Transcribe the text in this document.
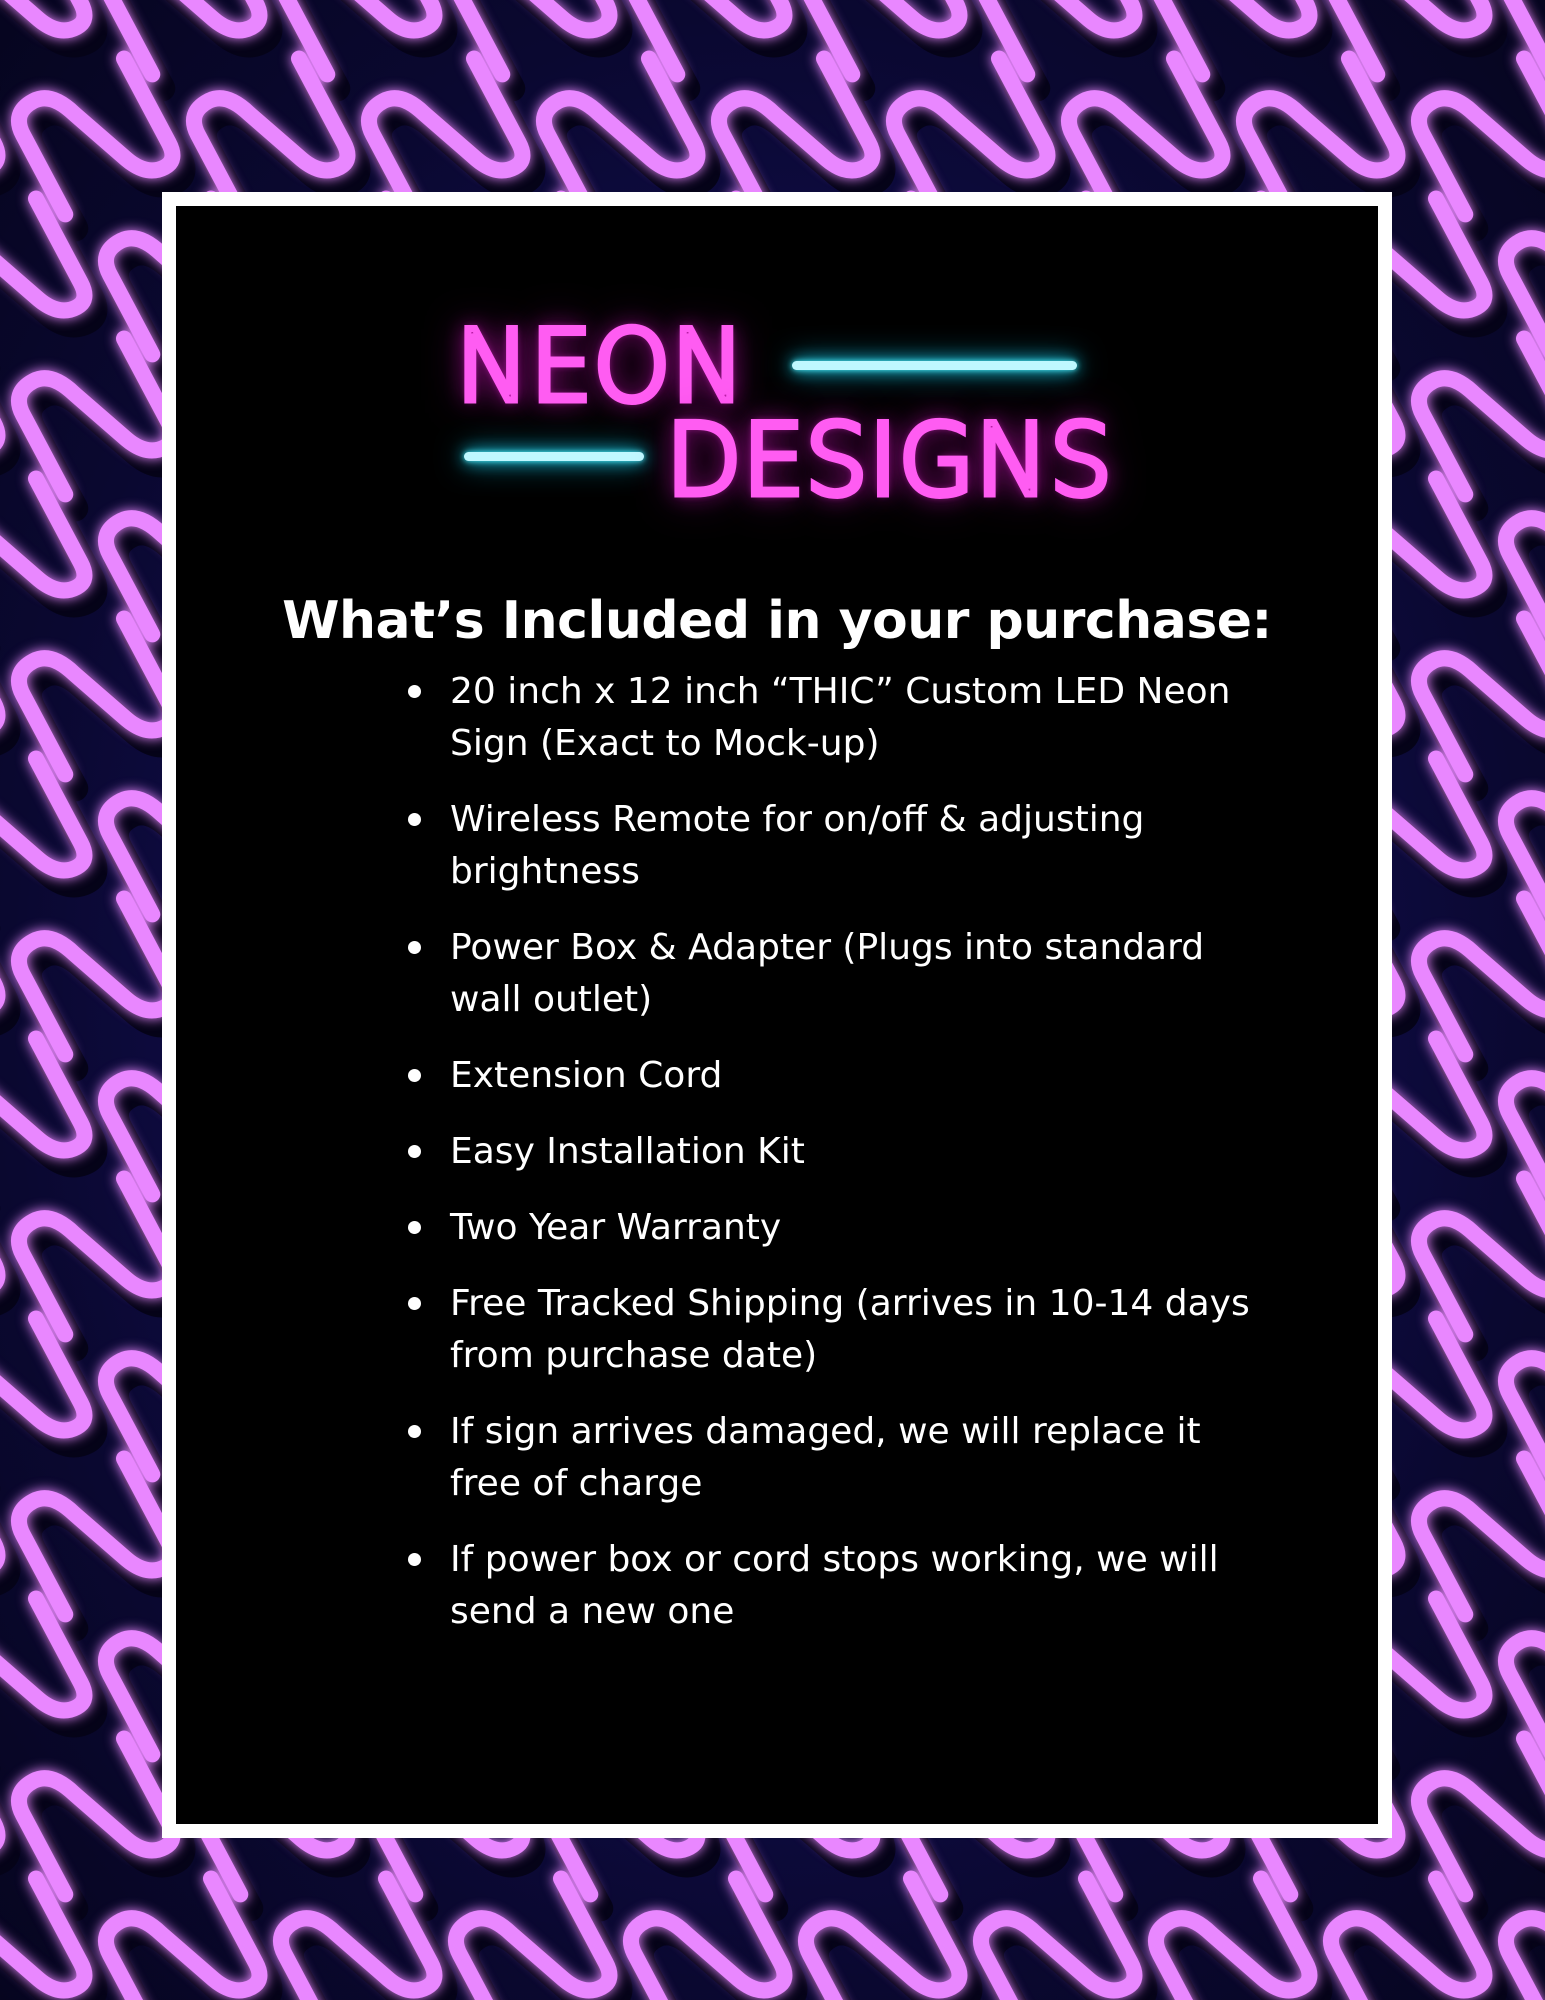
NEON

DESIGNS

What’s Included in your purchase:
20 inch x 12 inch “THIC” Custom LED Neon Sign (Exact to Mock-up)
Wireless Remote for on/off & adjusting brightness
Power Box & Adapter (Plugs into standard wall outlet)
Extension Cord
Easy Installation Kit
Two Year Warranty
Free Tracked Shipping (arrives in 10-14 days from purchase date)
If sign arrives damaged, we will replace it free of charge
If power box or cord stops working, we will send a new one
